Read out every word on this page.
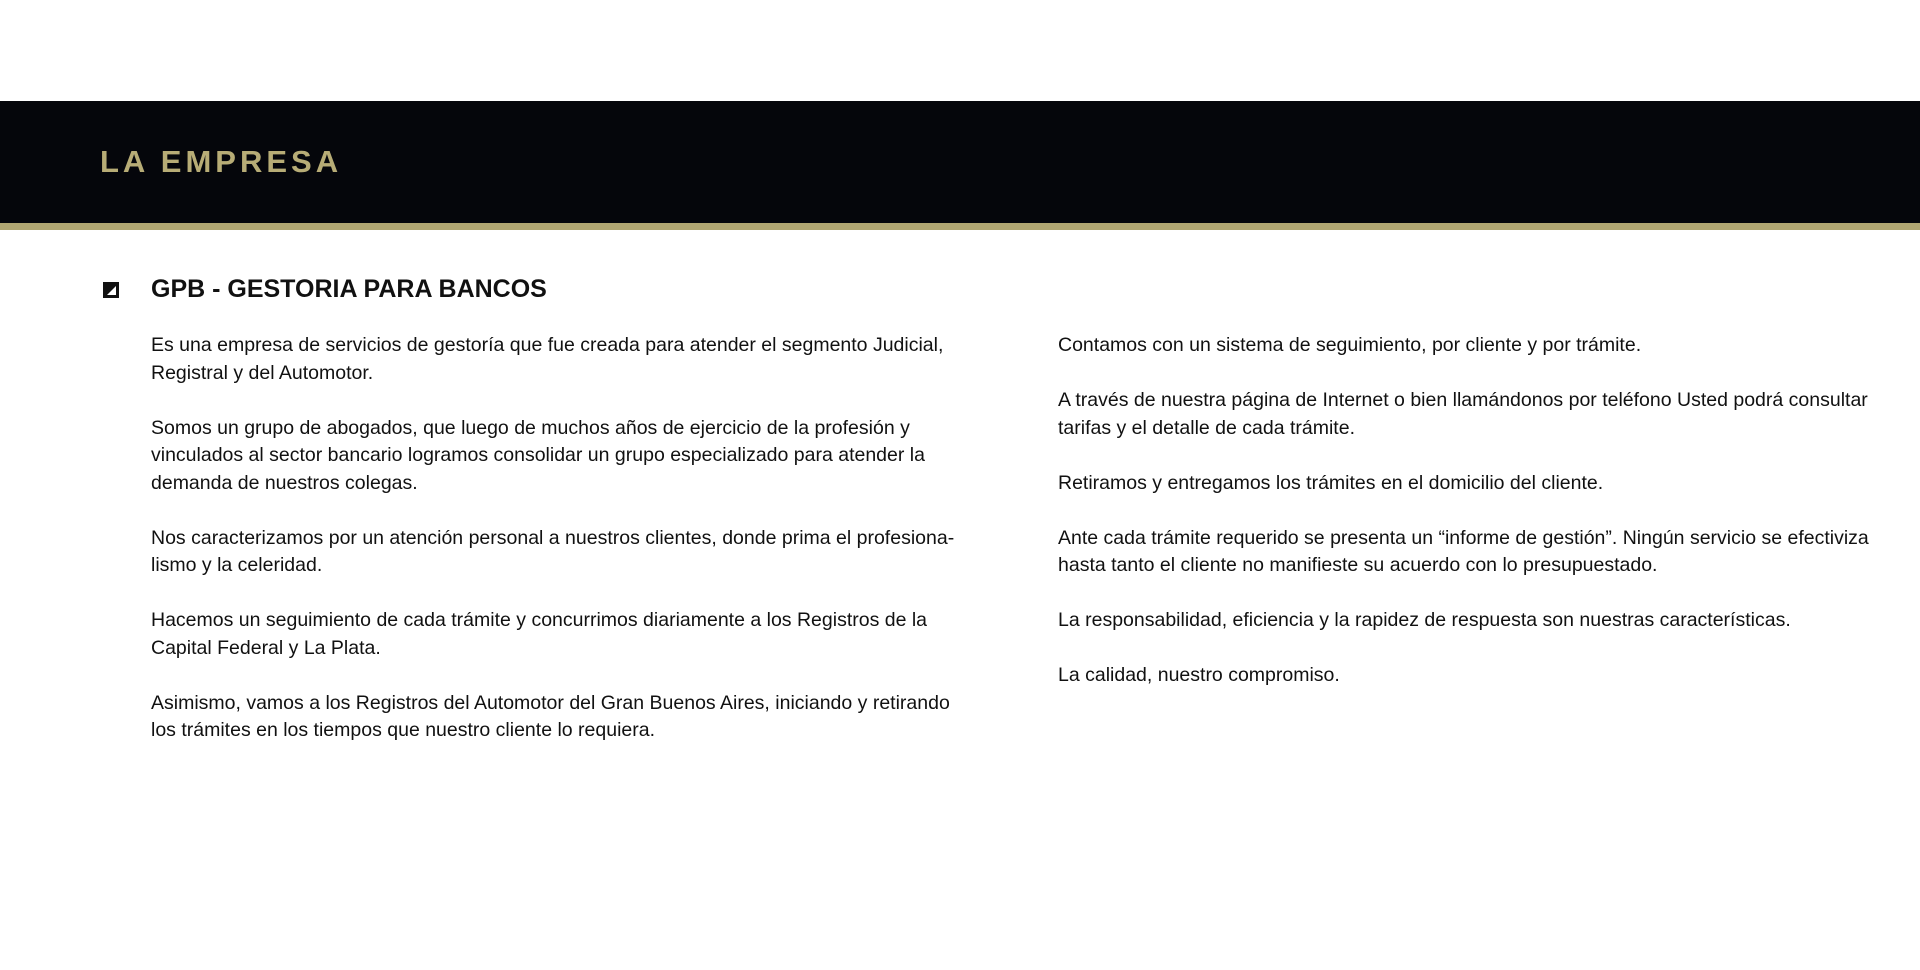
LA EMPRESA
GPB - GESTORIA PARA BANCOS

Es una empresa de servicios de gestoría que fue creada para atender el segmento Judicial, Registral y del Automotor.

Somos un grupo de abogados, que luego de muchos años de ejercicio de la profesión y vinculados al sector bancario logramos consolidar un grupo especializado para atender la demanda de nuestros colegas.

Nos caracterizamos por un atención personal a nuestros clientes, donde prima el profesiona-lismo y la celeridad.

Hacemos un seguimiento de cada trámite y concurrimos diariamente a los Registros de la Capital Federal y La Plata.

Asimismo, vamos a los Registros del Automotor del Gran Buenos Aires, iniciando y retirando los trámites en los tiempos que nuestro cliente lo requiera.

Contamos con un sistema de seguimiento, por cliente y por trámite.

A través de nuestra página de Internet o bien llamándonos por teléfono Usted podrá consultar tarifas y el detalle de cada trámite.

Retiramos y entregamos los trámites en el domicilio del cliente.

Ante cada trámite requerido se presenta un “informe de gestión”. Ningún servicio se efectiviza hasta tanto el cliente no manifieste su acuerdo con lo presupuestado.

La responsabilidad, eficiencia y la rapidez de respuesta son nuestras características.

La calidad, nuestro compromiso.
